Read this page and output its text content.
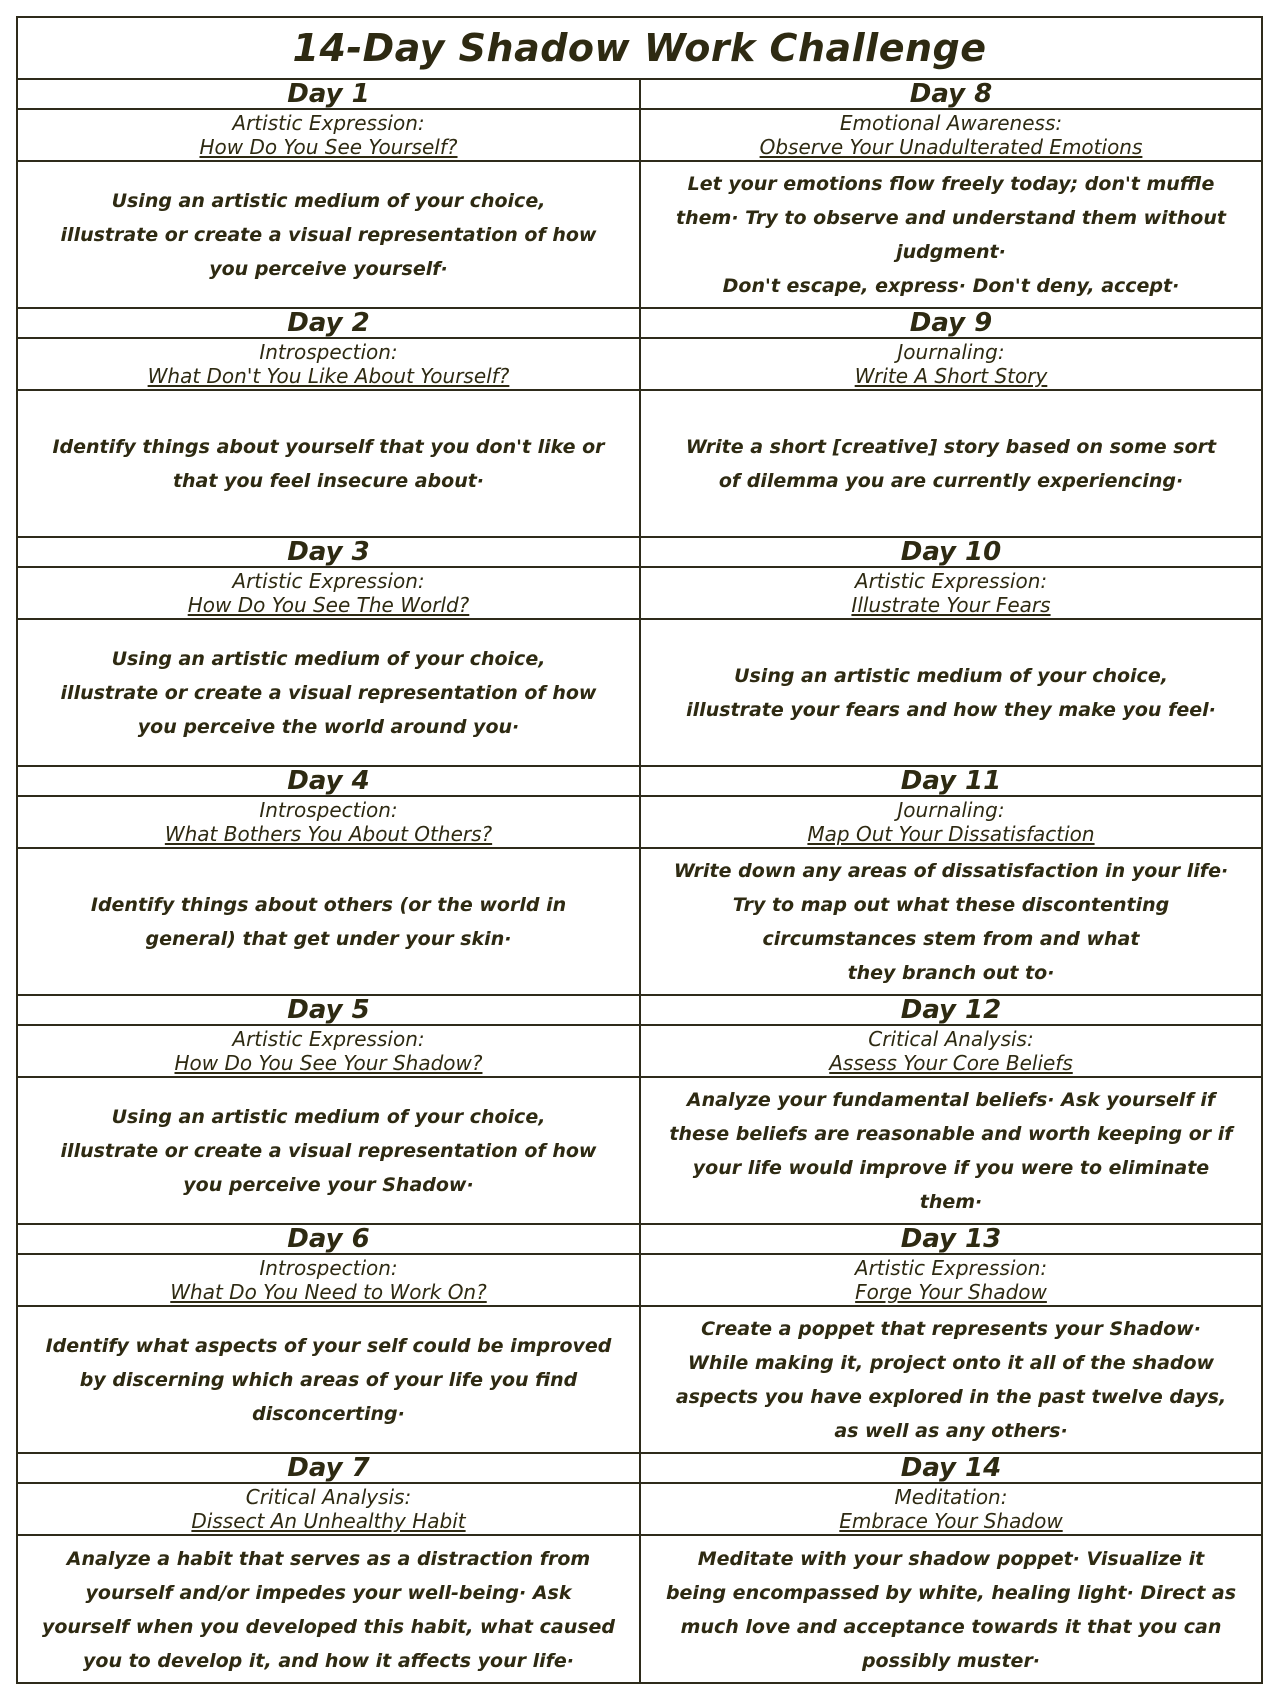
14-Day Shadow Work Challenge
Day 1
Artistic Expression:
How Do You See Yourself?
Using an artistic medium of your choice,
illustrate or create a visual representation of how
you perceive yourself·
Day 2
Introspection:
What Don't You Like About Yourself?
Identify things about yourself that you don't like or
that you feel insecure about·
Day 3
Artistic Expression:
How Do You See The World?
Using an artistic medium of your choice,
illustrate or create a visual representation of how
you perceive the world around you·
Day 4
Introspection:
What Bothers You About Others?
Identify things about others (or the world in
general) that get under your skin·
Day 5
Artistic Expression:
How Do You See Your Shadow?
Using an artistic medium of your choice,
illustrate or create a visual representation of how
you perceive your Shadow·
Day 6
Introspection:
What Do You Need to Work On?
Identify what aspects of your self could be improved
by discerning which areas of your life you find
disconcerting·
Day 7
Critical Analysis:
Dissect An Unhealthy Habit
Analyze a habit that serves as a distraction from
yourself and/or impedes your well-being· Ask
yourself when you developed this habit, what caused
you to develop it, and how it affects your life·
Day 8
Emotional Awareness:
Observe Your Unadulterated Emotions
Let your emotions flow freely today; don't muffle
them· Try to observe and understand them without
judgment·
Don't escape, express· Don't deny, accept·
Day 9
Journaling:
Write A Short Story
Write a short [creative] story based on some sort
of dilemma you are currently experiencing·
Day 10
Artistic Expression:
Illustrate Your Fears
Using an artistic medium of your choice,
illustrate your fears and how they make you feel·
Day 11
Journaling:
Map Out Your Dissatisfaction
Write down any areas of dissatisfaction in your life·
Try to map out what these discontenting
circumstances stem from and what
they branch out to·
Day 12
Critical Analysis:
Assess Your Core Beliefs
Analyze your fundamental beliefs· Ask yourself if
these beliefs are reasonable and worth keeping or if
your life would improve if you were to eliminate
them·
Day 13
Artistic Expression:
Forge Your Shadow
Create a poppet that represents your Shadow·
While making it, project onto it all of the shadow
aspects you have explored in the past twelve days,
as well as any others·
Day 14
Meditation:
Embrace Your Shadow
Meditate with your shadow poppet· Visualize it
being encompassed by white, healing light· Direct as
much love and acceptance towards it that you can
possibly muster·
